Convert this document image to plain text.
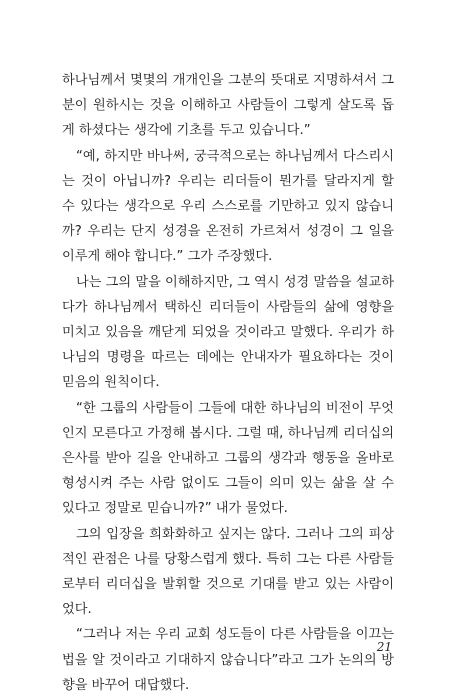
하나님께서 몇몇의 개개인을 그분의 뜻대로 지명하셔서 그분이 원하시는 것을 이해하고 사람들이 그렇게 살도록 돕게 하셨다는 생각에 기초를 두고 있습니다.”

“예, 하지만 바나써, 궁극적으로는 하나님께서 다스리시는 것이 아닙니까? 우리는 리더들이 뭔가를 달라지게 할 수 있다는 생각으로 우리 스스로를 기만하고 있지 않습니까? 우리는 단지 성경을 온전히 가르쳐서 성경이 그 일을 이루게 해야 합니다.” 그가 주장했다.

나는 그의 말을 이해하지만, 그 역시 성경 말씀을 설교하다가 하나님께서 택하신 리더들이 사람들의 삶에 영향을 미치고 있음을 깨닫게 되었을 것이라고 말했다. 우리가 하나님의 명령을 따르는 데에는 안내자가 필요하다는 것이 믿음의 원칙이다.

“한 그룹의 사람들이 그들에 대한 하나님의 비전이 무엇인지 모른다고 가정해 봅시다. 그럴 때, 하나님께 리더십의 은사를 받아 길을 안내하고 그룹의 생각과 행동을 올바로 형성시켜 주는 사람 없이도 그들이 의미 있는 삶을 살 수 있다고 정말로 믿습니까?” 내가 물었다.

그의 입장을 희화화하고 싶지는 않다. 그러나 그의 피상적인 관점은 나를 당황스럽게 했다. 특히 그는 다른 사람들로부터 리더십을 발휘할 것으로 기대를 받고 있는 사람이었다.

“그러나 저는 우리 교회 성도들이 다른 사람들을 이끄는 법을 알 것이라고 기대하지 않습니다”라고 그가 논의의 방향을 바꾸어 대답했다.

21
